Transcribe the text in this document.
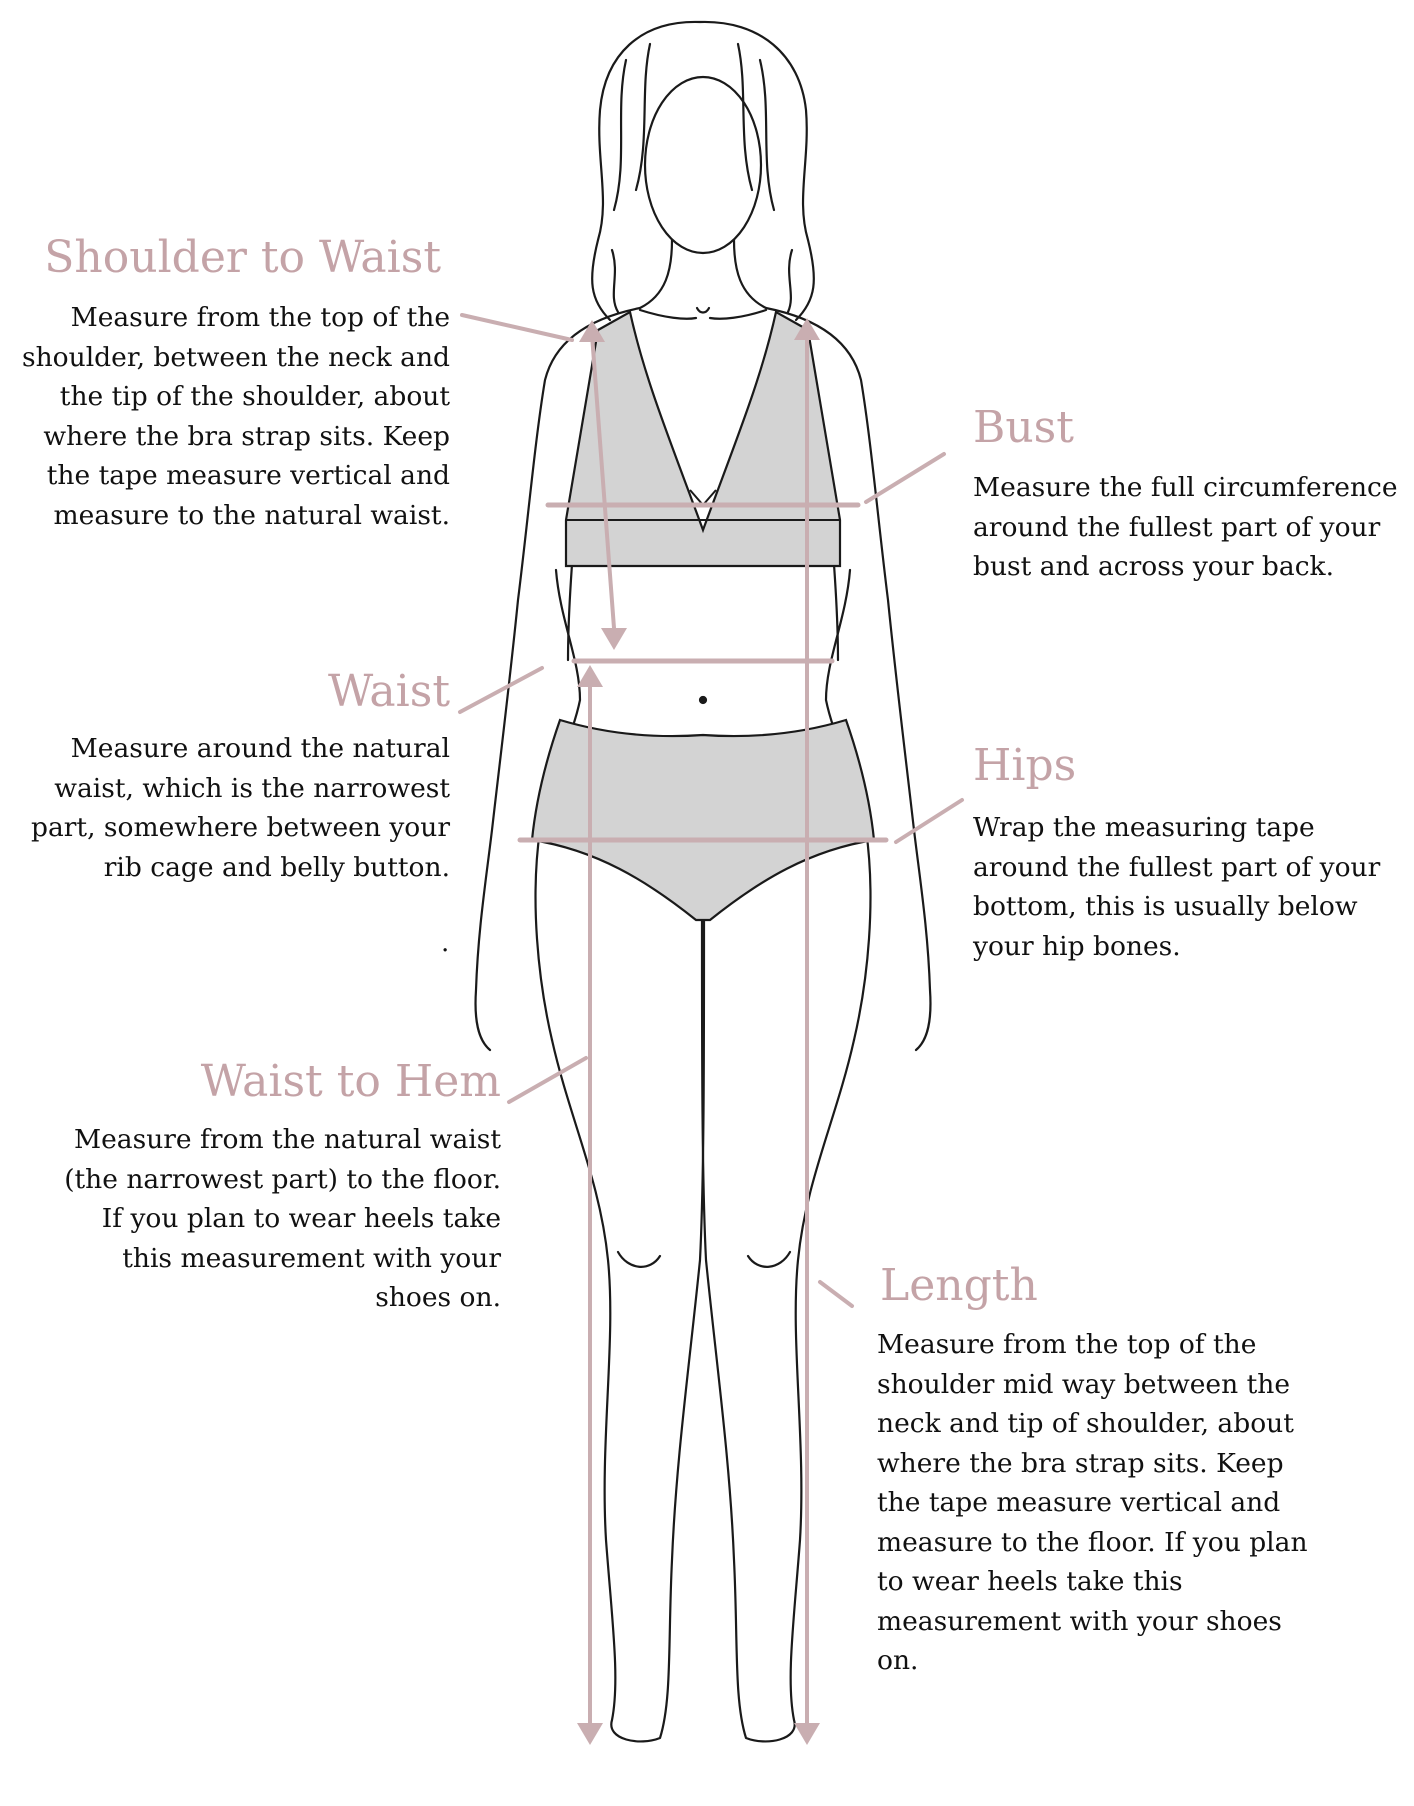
Shoulder to Waist
Measure from the top of the
shoulder, between the neck and
the tip of the shoulder, about
where the bra strap sits. Keep
the tape measure vertical and
measure to the natural waist.
Bust
Measure the full circumference
around the fullest part of your
bust and across your back.
Waist
Measure around the natural
waist, which is the narrowest
part, somewhere between your
rib cage and belly button.
.
Hips
Wrap the measuring tape
around the fullest part of your
bottom, this is usually below
your hip bones.
Waist to Hem
Measure from the natural waist
(the narrowest part) to the floor.
If you plan to wear heels take
this measurement with your
shoes on.	Length
Measure from the top of the
shoulder mid way between the
neck and tip of shoulder, about
where the bra strap sits. Keep
the tape measure vertical and
measure to the floor. If you plan
to wear heels take this
measurement with your shoes
on.
